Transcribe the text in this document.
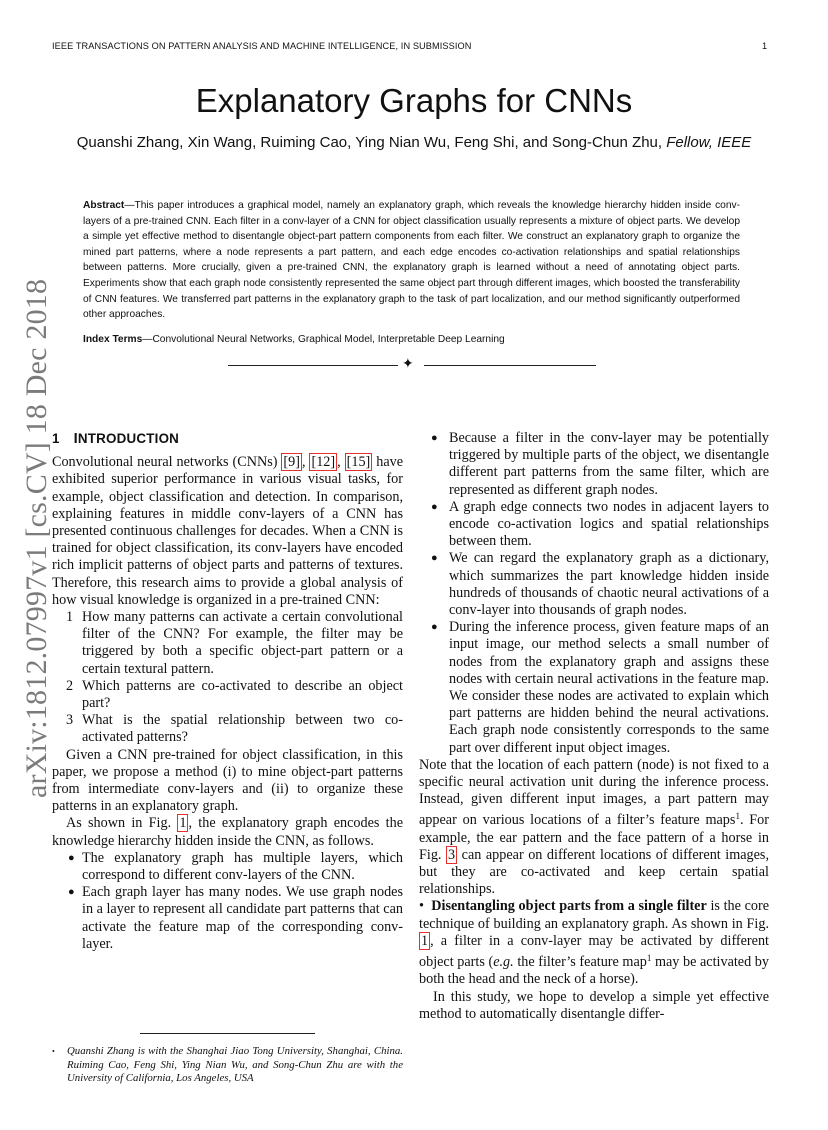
IEEE TRANSACTIONS ON PATTERN ANALYSIS AND MACHINE INTELLIGENCE, IN SUBMISSION	1
Explanatory Graphs for CNNs
Quanshi Zhang, Xin Wang, Ruiming Cao, Ying Nian Wu, Feng Shi, and Song-Chun Zhu, Fellow, IEEE
arXiv:1812.07997v1 [cs.CV] 18 Dec 2018
Abstract—This paper introduces a graphical model, namely an explanatory graph, which reveals the knowledge hierarchy hidden inside conv-layers of a pre-trained CNN. Each filter in a conv-layer of a CNN for object classification usually represents a mixture of object parts. We develop a simple yet effective method to disentangle object-part pattern components from each filter. We construct an explanatory graph to organize the mined part patterns, where a node represents a part pattern, and each edge encodes co-activation relationships and spatial relationships between patterns. More crucially, given a pre-trained CNN, the explanatory graph is learned without a need of annotating object parts. Experiments show that each graph node consistently represented the same object part through different images, which boosted the transferability of CNN features. We transferred part patterns in the explanatory graph to the task of part localization, and our method significantly outperformed other approaches.
Index Terms—Convolutional Neural Networks, Graphical Model, Interpretable Deep Learning
✦
1 INTRODUCTION

Convolutional neural networks (CNNs) [9] , [12] , [15] have exhibited superior performance in various visual tasks, for example, object classification and detection. In comparison, explaining features in middle conv-layers of a CNN has presented continuous challenges for decades. When a CNN is trained for object classification, its conv-layers have encoded rich implicit patterns of object parts and patterns of textures. Therefore, this research aims to provide a global analysis of how visual knowledge is organized in a pre-trained CNN:

1 How many patterns can activate a certain convolutional filter of the CNN? For example, the filter may be triggered by both a specific object-part pattern or a certain textural pattern.
2 Which patterns are co-activated to describe an object part?
3 What is the spatial relationship between two co-activated patterns?

Given a CNN pre-trained for object classification, in this paper, we propose a method (i) to mine object-part patterns from intermediate conv-layers and (ii) to organize these patterns in an explanatory graph.

As shown in Fig. 1 , the explanatory graph encodes the knowledge hierarchy hidden inside the CNN, as follows.

● The explanatory graph has multiple layers, which correspond to different conv-layers of the CNN.
● Each graph layer has many nodes. We use graph nodes in a layer to represent all candidate part patterns that can activate the feature map of the corresponding conv-layer.
● Because a filter in the conv-layer may be potentially triggered by multiple parts of the object, we disentangle different part patterns from the same filter, which are represented as different graph nodes.
● A graph edge connects two nodes in adjacent layers to encode co-activation logics and spatial relationships between them.
● We can regard the explanatory graph as a dictionary, which summarizes the part knowledge hidden inside hundreds of thousands of chaotic neural activations of a conv-layer into thousands of graph nodes.
● During the inference process, given feature maps of an input image, our method selects a small number of nodes from the explanatory graph and assigns these nodes with certain neural activations in the feature map. We consider these nodes are activated to explain which part patterns are hidden behind the neural activations. Each graph node consistently corresponds to the same part over different input object images.

Note that the location of each pattern (node) is not fixed to a specific neural activation unit during the inference process. Instead, given different input images, a part pattern may appear on various locations of a filter’s feature maps$^1$. For example, the ear pattern and the face pattern of a horse in Fig. 3 can appear on different locations of different images, but they are co-activated and keep certain spatial relationships.

• Disentangling object parts from a single filter is the core technique of building an explanatory graph. As shown in Fig. 1 , a filter in a conv-layer may be activated by different object parts (e.g. the filter’s feature map$^1$ may be activated by both the head and the neck of a horse).

In this study, we hope to develop a simple yet effective method to automatically disentangle differ-

•	Quanshi Zhang is with the Shanghai Jiao Tong University, Shanghai, China. Ruiming Cao, Feng Shi, Ying Nian Wu, and Song-Chun Zhu are with the University of California, Los Angeles, USA
